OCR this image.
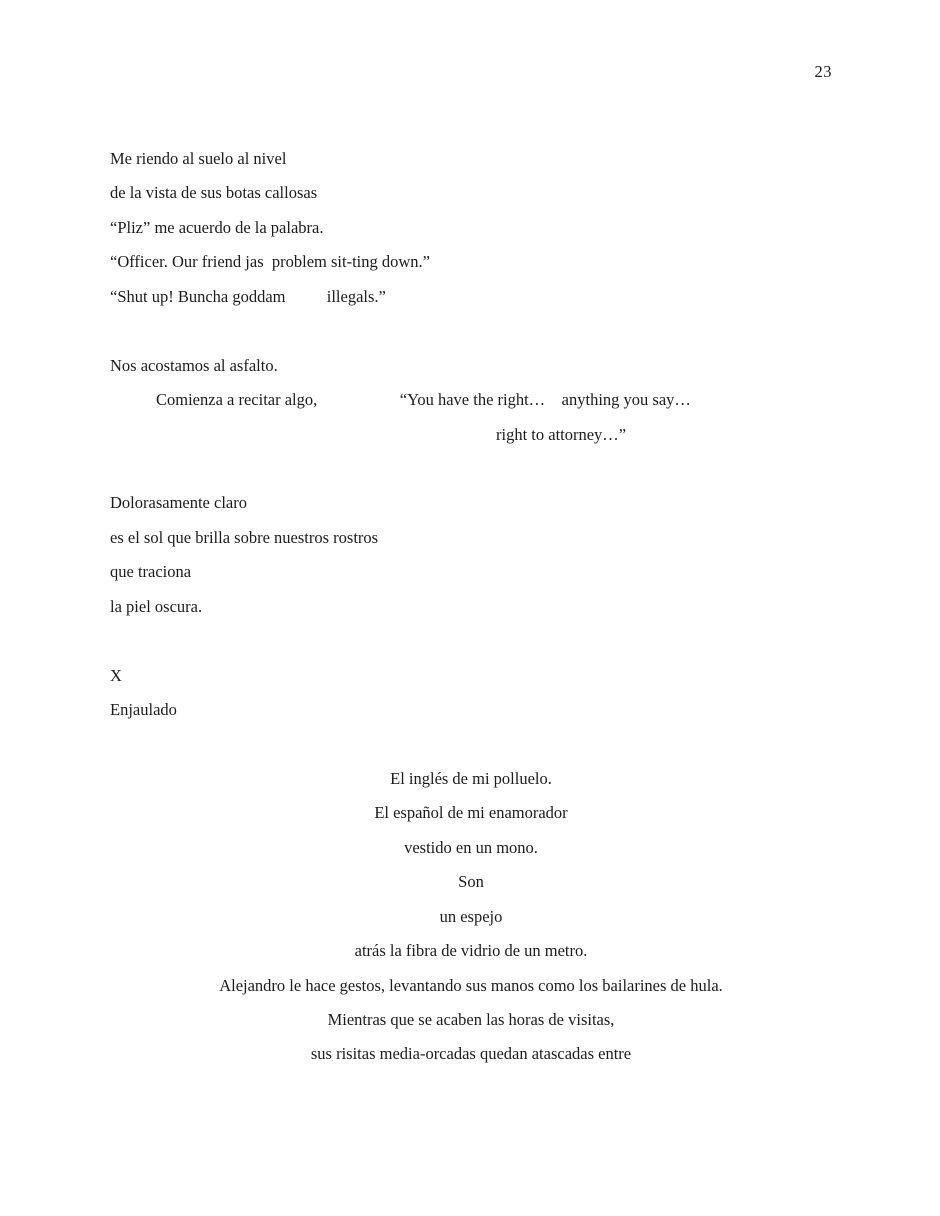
23
Me riendo al suelo al nivel
de la vista de sus botas callosas
“Pliz” me acuerdo de la palabra.
“Officer. Our friend jas  problem sit-ting down.”
“Shut up! Buncha goddam          illegals.”
Nos acostamos al asfalto.
Comienza a recitar algo,                    “You have the right…    anything you say…
right to attorney…”
Dolorasamente claro
es el sol que brilla sobre nuestros rostros
que traciona
la piel oscura.
X
Enjaulado
El inglés de mi polluelo.
El español de mi enamorador
vestido en un mono.
Son
un espejo
atrás la fibra de vidrio de un metro.
Alejandro le hace gestos, levantando sus manos como los bailarines de hula.
Mientras que se acaben las horas de visitas,
sus risitas media-orcadas quedan atascadas entre
